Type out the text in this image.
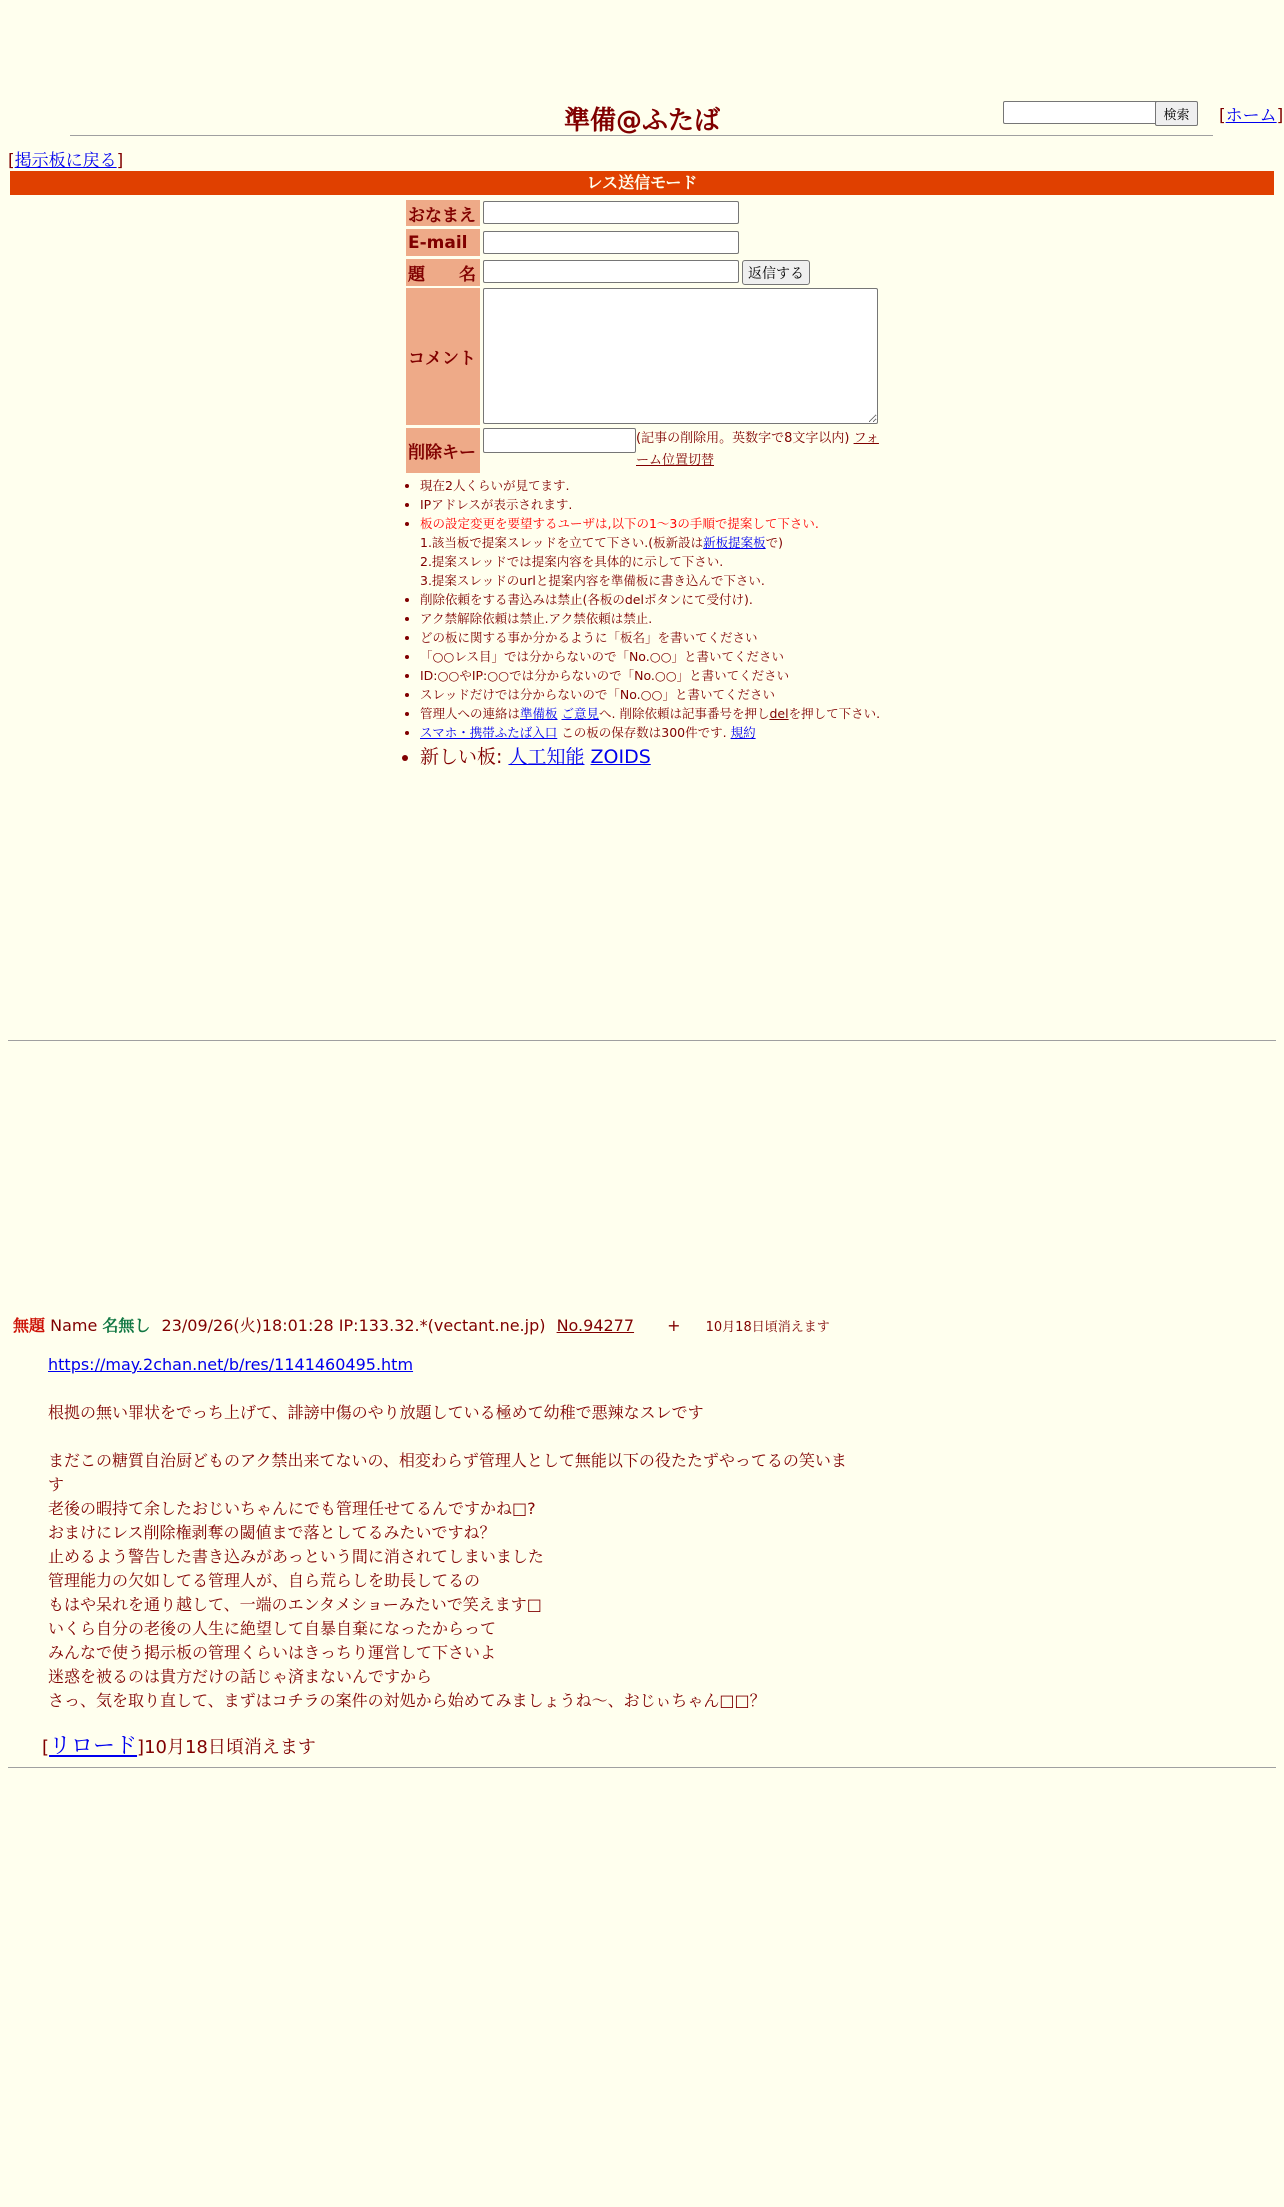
準備@ふたば	検索	[ホーム]
[掲示板に戻る]
レス送信モード
おなまえ
E-mail
題　　名	返信する
コメント
削除キー
(記事の削除用。英数字で8文字以内) フォーム位置切替
• 現在2人くらいが見てます.
• IPアドレスが表示されます.
• 板の設定変更を要望するユーザは,以下の1〜3の手順で提案して下さい.
1.該当板で提案スレッドを立てて下さい.(板新設は新板提案板で)
2.提案スレッドでは提案内容を具体的に示して下さい.
3.提案スレッドのurlと提案内容を準備板に書き込んで下さい.
• 削除依頼をする書込みは禁止(各板のdelボタンにて受付け).
• アク禁解除依頼は禁止.アク禁依頼は禁止.
• どの板に関する事か分かるように「板名」を書いてください
• 「○○レス目」では分からないので「No.○○」と書いてください
• ID:○○やIP:○○では分からないので「No.○○」と書いてください
• スレッドだけでは分からないので「No.○○」と書いてください
• 管理人への連絡は準備板 ご意見へ. 削除依頼は記事番号を押しdelを押して下さい.
• スマホ・携帯ふたば入口 この板の保存数は300件です. 規約
• 新しい板: 人工知能 ZOIDS
無題 Name 名無し 23/09/26(火)18:01:28 IP:133.32.*(vectant.ne.jp) No.94277 + 10月18日頃消えます

https://may.2chan.net/b/res/1141460495.htm

根拠の無い罪状をでっち上げて、誹謗中傷のやり放題している極めて幼稚で悪辣なスレです

まだこの糖質自治厨どものアク禁出来てないの、相変わらず管理人として無能以下の役たたずやってるの笑います

老後の暇持て余したおじいちゃんにでも管理任せてるんですかね□?

おまけにレス削除権剥奪の閾値まで落としてるみたいですね？

止めるよう警告した書き込みがあっという間に消されてしまいました

管理能力の欠如してる管理人が、自ら荒らしを助長してるの

もはや呆れを通り越して、一端のエンタメショーみたいで笑えます□

いくら自分の老後の人生に絶望して自暴自棄になったからって

みんなで使う掲示板の管理くらいはきっちり運営して下さいよ

迷惑を被るのは貴方だけの話じゃ済まないんですから

さっ、気を取り直して、まずはコチラの案件の対処から始めてみましょうね〜、おじぃちゃん□□？

[リロード]10月18日頃消えます
